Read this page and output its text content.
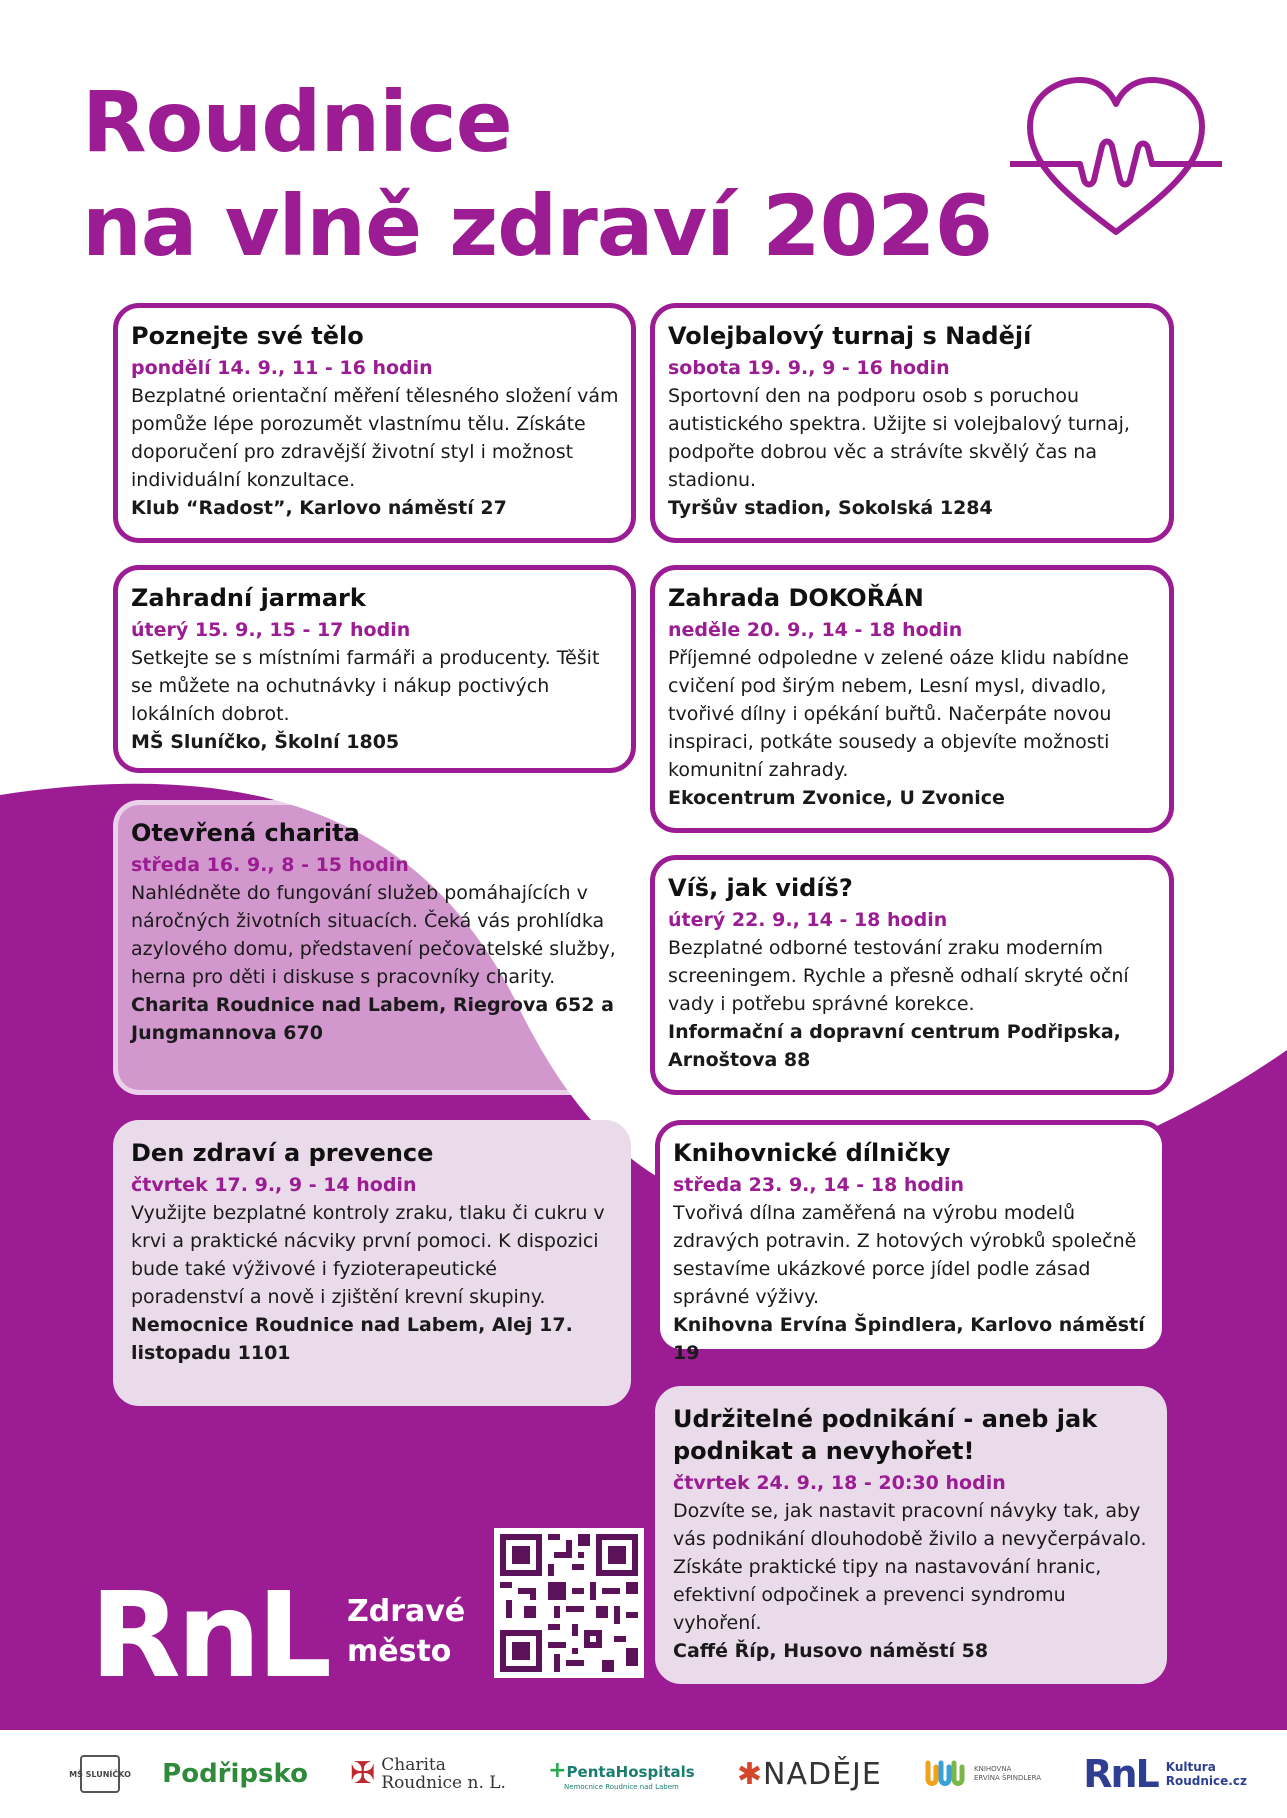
Roudnice
na vlně zdraví 2026
Poznejte své tělo
pondělí 14. 9., 11 - 16 hodin

Bezplatné orientační měření tělesného složení vám pomůže lépe porozumět vlastnímu tělu. Získáte doporučení pro zdravější životní styl i možnost individuální konzultace.

Klub “Radost”, Karlovo náměstí 27
Volejbalový turnaj s Nadějí
sobota 19. 9., 9 - 16 hodin

Sportovní den na podporu osob s poruchou autistického spektra. Užijte si volejbalový turnaj, podpořte dobrou věc a strávíte skvělý čas na stadionu.

Tyršův stadion, Sokolská 1284
Zahradní jarmark
úterý 15. 9., 15 - 17 hodin

Setkejte se s místními farmáři a producenty. Těšit se můžete na ochutnávky i nákup poctivých lokálních dobrot.

MŠ Sluníčko, Školní 1805
Zahrada DOKOŘÁN
neděle 20. 9., 14 - 18 hodin

Příjemné odpoledne v zelené oáze klidu nabídne cvičení pod širým nebem, Lesní mysl, divadlo, tvořivé dílny i opékání buřtů. Načerpáte novou inspiraci, potkáte sousedy a objevíte možnosti komunitní zahrady.

Ekocentrum Zvonice, U Zvonice
Otevřená charita
středa 16. 9., 8 - 15 hodin

Nahlédněte do fungování služeb pomáhajících v náročných životních situacích. Čeká vás prohlídka azylového domu, představení pečovatelské služby, herna pro děti i diskuse s pracovníky charity.

Charita Roudnice nad Labem, Riegrova 652 a Jungmannova 670
Víš, jak vidíš?
úterý 22. 9., 14 - 18 hodin

Bezplatné odborné testování zraku moderním screeningem. Rychle a přesně odhalí skryté oční vady i potřebu správné korekce.

Informační a dopravní centrum Podřipska, Arnoštova 88
Den zdraví a prevence
čtvrtek 17. 9., 9 - 14 hodin

Využijte bezplatné kontroly zraku, tlaku či cukru v krvi a praktické nácviky první pomoci. K dispozici bude také výživové i fyzioterapeutické poradenství a nově i zjištění krevní skupiny.

Nemocnice Roudnice nad Labem, Alej 17. listopadu 1101
Knihovnické dílničky
středa 23. 9., 14 - 18 hodin

Tvořivá dílna zaměřená na výrobu modelů zdravých potravin. Z hotových výrobků společně sestavíme ukázkové porce jídel podle zásad správné výživy.

Knihovna Ervína Špindlera, Karlovo náměstí 19
Udržitelné podnikání - aneb jak podnikat a nevyhořet!
čtvrtek 24. 9., 18 - 20:30 hodin

Dozvíte se, jak nastavit pracovní návyky tak, aby vás podnikání dlouhodobě živilo a nevyčerpávalo. Získáte praktické tipy na nastavování hranic, efektivní odpočinek a prevenci syndromu vyhoření.

Caffé Říp, Husovo náměstí 58
RnL Zdravé
město
MŠ SLUNÍČKO Podřipsko ✠ Charita
Roudnice n. L.
+PentaHospitals
Nemocnice Roudnice nad Labem ✱NADĚJE	KNIHOVNA
ERVÍNA ŠPINDLERA RnL Kultura
Roudnice.cz
